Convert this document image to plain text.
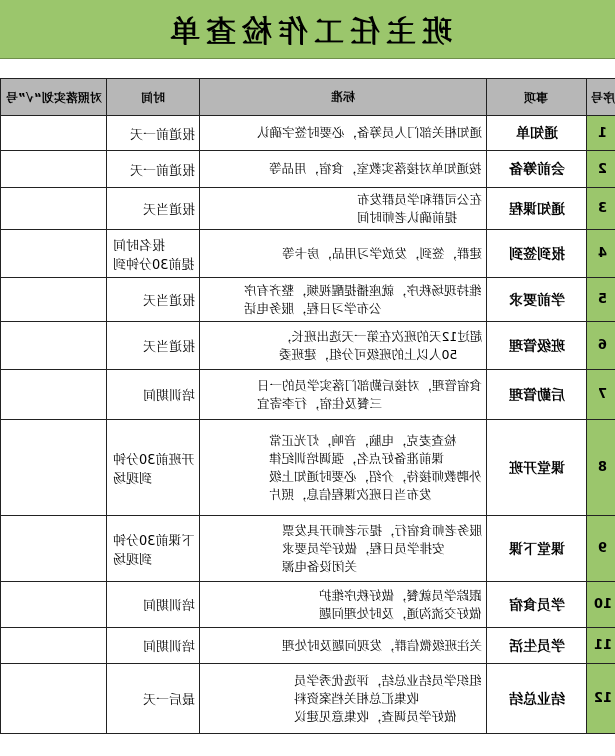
班主任工作检查单
对照落实划“√”号	时间	标准	事项	序号
	报道前一天	通知相关部门人员筹备，必要时签字确认	通知单	1
	报道前一天	按通知单对接落实教室，食宿，用品等	会前筹备	2
	报道当天	在公司群和学员群发布
提前确认老师时间	通知课程	3
	报名时间
提前30分钟到	建群，签到，发放学习用品，房卡等	报到签到	4
	报道当天	维持现场秩序，就座播提醒视频，整齐有序
公布学习日程，服务电话	学前要求	5
	报道当天	超过12天的班次在第一天选出班长，
50人以上的班级可分组，建班委	班级管理	6
	培训期间	食宿管理，对接后勤部门落实学员的一日
三餐及住宿，行李寄宜	后勤管理	7
	开班前30分钟
到现场	检查麦克，电脑，音响，灯光正常
课前准备好点名，强调培训纪律
外聘教师接待，介绍，必要时通知上级
发布当日班次课程信息，照片	课堂开班	8
	下课前30分钟
到现场	服务老师食宿行，提示老师开具发票
安排学员日程，做好学员要求
关闭设备电源	课堂下课	9
	培训期间	跟踪学员就餐，做好秩序维护
做好交流沟通，及时处理问题	学员食宿	10
	培训期间	关注班级微信群，发现问题及时处理	学员生活	11
	最后一天	组织学员结业总结，评选优秀学员
收集汇总相关档案资料
做好学员调查，收集意见建议	结业总结	12
